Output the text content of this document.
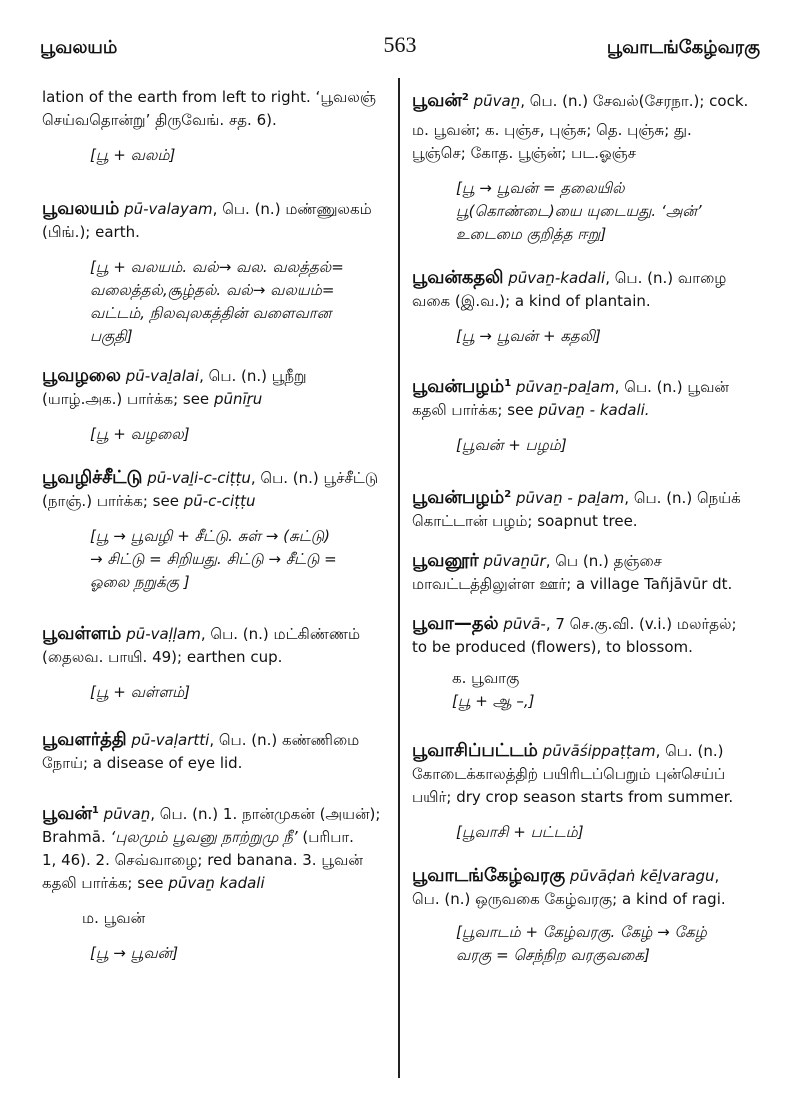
பூவலயம்	563	பூவாடங்கேழ்வரகு

lation of the earth from left to right. ‘பூவலஞ்

செய்வதொன்று’ திருவேங். சத. 6).

[பூ + வலம்]

பூவலயம் pū-valayam, பெ. (n.) மண்ணுலகம்

(பிங்.); earth.

[பூ + வலயம். வல்→ வல. வலத்தல்=

வலைத்தல்,சூழ்தல். வல்→ வலயம்=

வட்டம், நிலவுலகத்தின் வளைவான

பகுதி]

பூவழலை pū-vaḻalai, பெ. (n.) பூநீறு

(யாழ்.அக.) பார்க்க; see pūnīṟu

[பூ + வழலை]

பூவழிச்சீட்டு pū-vaḻi-c-ciṭṭu, பெ. (n.) பூச்சீட்டு

(நாஞ்.) பார்க்க; see pū-c-ciṭṭu

[பூ → பூவழி + சீட்டு. சுள் → (சுட்டு)

→ சிட்டு = சிறியது. சிட்டு → சீட்டு =

ஓலை நறுக்கு ]

பூவள்ளம் pū-vaḷḷam, பெ. (n.) மட்கிண்ணம்

(தைலவ. பாயி. 49); earthen cup.

[பூ + வள்ளம்]

பூவளர்த்தி pū-vaḷartti, பெ. (n.) கண்ணிமை

நோய்; a disease of eye lid.

பூவன்$^1$ pūvaṉ, பெ. (n.) 1. நான்முகன் (அயன்);

Brahmā. ‘புலமும் பூவனு நாற்றுமு நீ’ (பரிபா.

1, 46). 2. செவ்வாழை; red banana. 3. பூவன்

கதலி பார்க்க; see pūvaṉ kadali

ம. பூவன்

[பூ → பூவன்]

பூவன்$^2$ pūvaṉ, பெ. (n.) சேவல்(சேரநா.); cock.

ம. பூவன்; க. புஞ்ச, புஞ்சு; தெ. புஞ்சு; து.

பூஞ்செ; கோத. பூஞ்ன்; பட.ஓஞ்ச

[பூ → பூவன் = தலையில்

பூ(கொண்டை)யை யுடையது. ‘அன்’

உடைமை குறித்த ஈறு]

பூவன்கதலி pūvaṉ-kadali, பெ. (n.) வாழை

வகை (இ.வ.); a kind of plantain.

[பூ → பூவன் + கதலி]

பூவன்பழம்$^1$ pūvaṉ-paḻam, பெ. (n.) பூவன்

கதலி பார்க்க; see pūvaṉ - kadali.

[பூவன் + பழம்]

பூவன்பழம்$^2$ pūvaṉ - paḻam, பெ. (n.) நெய்க்

கொட்டான் பழம்; soapnut tree.

பூவனூர் pūvaṉūr, பெ (n.) தஞ்சை

மாவட்டத்திலுள்ள ஊர்; a village Tañjāvūr dt.

பூவா—தல் pūvā-, 7 செ.கு.வி. (v.i.) மலர்தல்;

to be produced (flowers), to blossom.

க. பூவாகு

[பூ + ஆ –,]

பூவாசிப்பட்டம் pūvāśippaṭṭam, பெ. (n.)

கோடைக்காலத்திற் பயிரிடப்பெறும் புன்செய்ப்

பயிர்; dry crop season starts from summer.

[பூவாசி + பட்டம்]

பூவாடங்கேழ்வரகு pūvāḍaṅ kēḻvaragu,

பெ. (n.) ஒருவகை கேழ்வரகு; a kind of ragi.

[பூவாடம் + கேழ்வரகு. கேழ் → கேழ்

வரகு = செந்நிற வரகுவகை]
